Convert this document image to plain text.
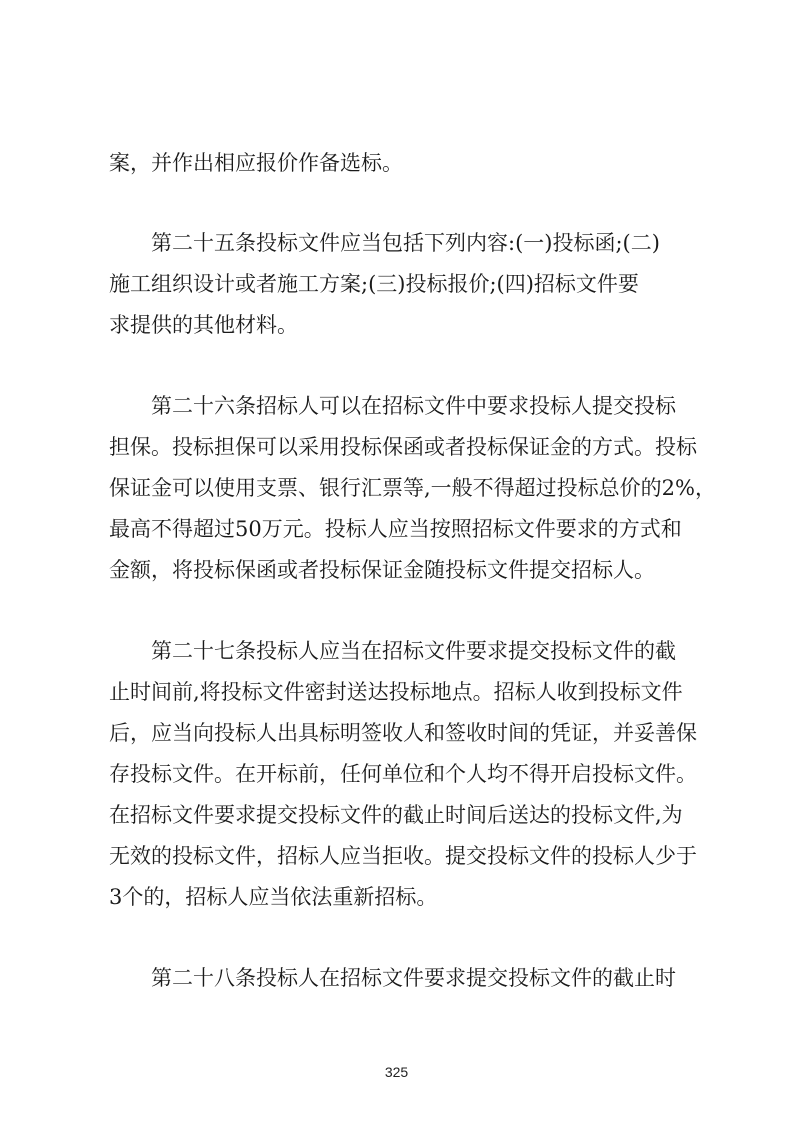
案，并作出相应报价作备选标。
第二十五条投标文件应当包括下列内容:(一)投标函;(二)
施工组织设计或者施工方案;(三)投标报价;(四)招标文件要
求提供的其他材料。
第二十六条招标人可以在招标文件中要求投标人提交投标
担保。投标担保可以采用投标保函或者投标保证金的方式。投标
保证金可以使用支票、银行汇票等,一般不得超过投标总价的2%，
最高不得超过50万元。投标人应当按照招标文件要求的方式和
金额，将投标保函或者投标保证金随投标文件提交招标人。
第二十七条投标人应当在招标文件要求提交投标文件的截
止时间前,将投标文件密封送达投标地点。招标人收到投标文件
后，应当向投标人出具标明签收人和签收时间的凭证，并妥善保
存投标文件。在开标前，任何单位和个人均不得开启投标文件。
在招标文件要求提交投标文件的截止时间后送达的投标文件,为
无效的投标文件，招标人应当拒收。提交投标文件的投标人少于
3个的，招标人应当依法重新招标。
第二十八条投标人在招标文件要求提交投标文件的截止时
325
